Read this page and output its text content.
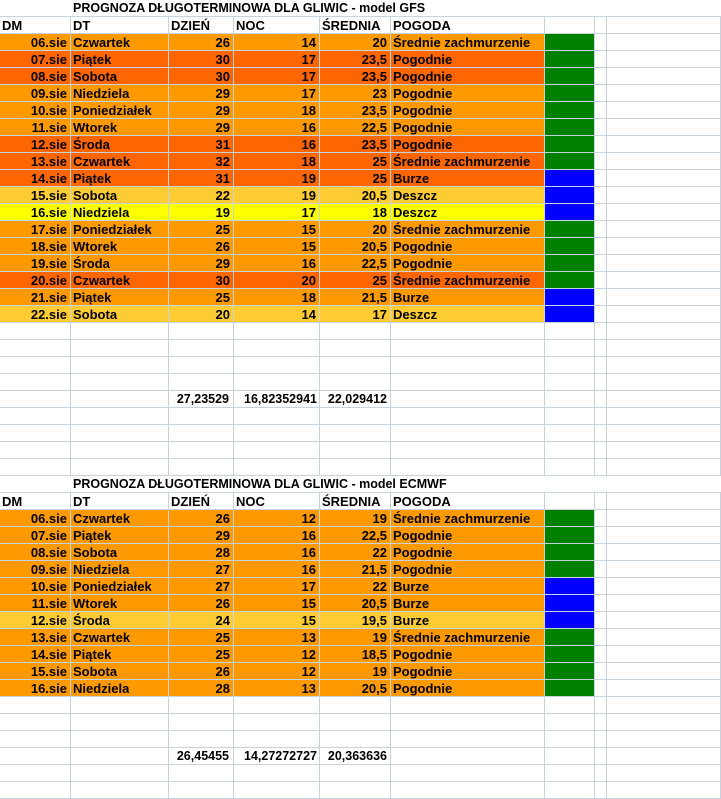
PROGNOZA DŁUGOTERMINOWA DLA GLIWIC - model GFS
DM	DT	DZIEŃ	NOC	ŚREDNIA POGODA
06.sie Czwartek	26	14	20 Średnie zachmurzenie
07.sie Piątek	30	17	23,5 Pogodnie
08.sie Sobota	30	17	23,5 Pogodnie
09.sie Niedziela	29	17	23 Pogodnie
10.sie Poniedziałek	29	18	23,5 Pogodnie
11.sie Wtorek	29	16	22,5 Pogodnie
12.sie Środa	31	16	23,5 Pogodnie
13.sie Czwartek	32	18	25 Średnie zachmurzenie
14.sie Piątek	31	19	25 Burze
15.sie Sobota	22	19	20,5 Deszcz
16.sie Niedziela	19	17	18 Deszcz
17.sie Poniedziałek	25	15	20 Średnie zachmurzenie
18.sie Wtorek	26	15	20,5 Pogodnie
19.sie Środa	29	16	22,5 Pogodnie
20.sie Czwartek	30	20	25 Średnie zachmurzenie
21.sie Piątek	25	18	21,5 Burze
22.sie Sobota	20	14	17 Deszcz
27,23529	16,82352941 22,029412
PROGNOZA DŁUGOTERMINOWA DLA GLIWIC - model ECMWF
DM	DT	DZIEŃ	NOC	ŚREDNIA POGODA
06.sie Czwartek	26	12	19 Średnie zachmurzenie
07.sie Piątek	29	16	22,5 Pogodnie
08.sie Sobota	28	16	22 Pogodnie
09.sie Niedziela	27	16	21,5 Pogodnie
10.sie Poniedziałek	27	17	22 Burze
11.sie Wtorek	26	15	20,5 Burze
12.sie Środa	24	15	19,5 Burze
13.sie Czwartek	25	13	19 Średnie zachmurzenie
14.sie Piątek	25	12	18,5 Pogodnie
15.sie Sobota	26	12	19 Pogodnie
16.sie Niedziela	28	13	20,5 Pogodnie
26,45455	14,27272727 20,363636
